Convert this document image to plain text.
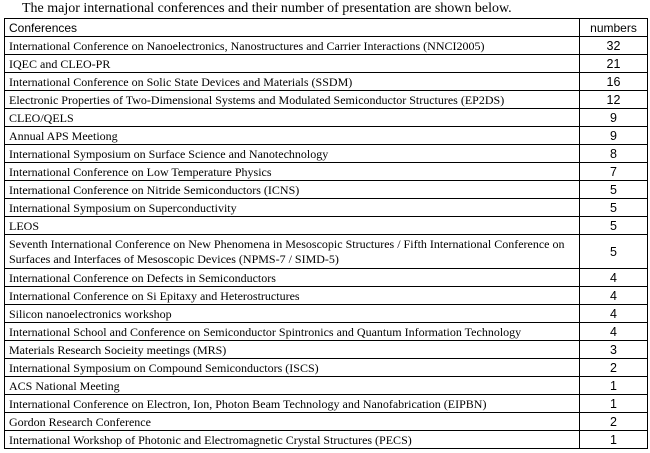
The major international conferences and their number of presentation are shown below.
Conferences	numbers
International Conference on Nanoelectronics, Nanostructures and Carrier Interactions (NNCI2005)	32
IQEC and CLEO-PR	21
International Conference on Solic State Devices and Materials (SSDM)	16
Electronic Properties of Two-Dimensional Systems and Modulated Semiconductor Structures (EP2DS)	12
CLEO/QELS	9
Annual APS Meetiong	9
International Symposium on Surface Science and Nanotechnology	8
International Conference on Low Temperature Physics	7
International Conference on Nitride Semiconductors (ICNS)	5
International Symposium on Superconductivity	5
LEOS	5
Seventh International Conference on New Phenomena in Mesoscopic Structures / Fifth International Conference on Surfaces and Interfaces of Mesoscopic Devices (NPMS-7 / SIMD-5)	5
International Conference on Defects in Semiconductors	4
International Conference on Si Epitaxy and Heterostructures	4
Silicon nanoelectronics workshop	4
International School and Conference on Semiconductor Spintronics and Quantum Information Technology	4
Materials Research Socieity meetings (MRS)	3
International Symposium on Compound Semiconductors (ISCS)	2
ACS National Meeting	1
International Conference on Electron, Ion, Photon Beam Technology and Nanofabrication (EIPBN)	1
Gordon Research Conference	2
International Workshop of Photonic and Electromagnetic Crystal Structures (PECS)	1
